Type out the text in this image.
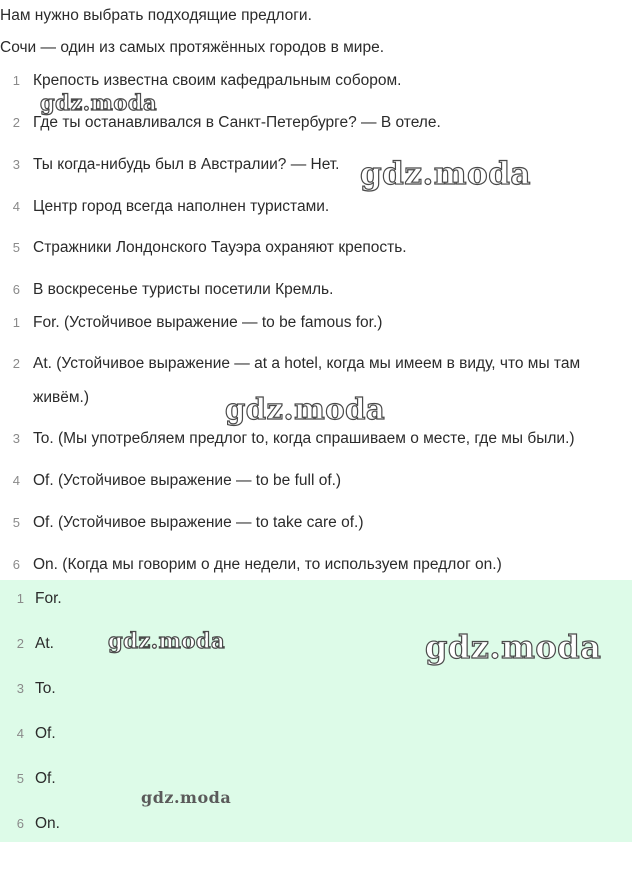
Нам нужно выбрать подходящие предлоги.
Сочи — один из самых протяжённых городов в мире.
1 Крепость известна своим кафедральным собором.
2 Где ты останавливался в Санкт-Петербурге? — В отеле.
3 Ты когда-нибудь был в Австралии? — Нет.
4 Центр город всегда наполнен туристами.
5 Стражники Лондонского Тауэра охраняют крепость.
6 В воскресенье туристы посетили Кремль.
1 For. (Устойчивое выражение — to be famous for.)
2 At. (Устойчивое выражение — at a hotel, когда мы имеем в виду, что мы там
живём.)
3 To. (Мы употребляем предлог to, когда спрашиваем о месте, где мы были.)
4 Of. (Устойчивое выражение — to be full of.)
5 Of. (Устойчивое выражение — to take care of.)
6 On. (Когда мы говорим о дне недели, то используем предлог on.)
1 For.
2 At.
3 To.
4 Of.
5 Of.
6 On.
gdz.moda
gdz.moda
gdz.moda
gdz.moda	gdz.moda
gdz.moda
